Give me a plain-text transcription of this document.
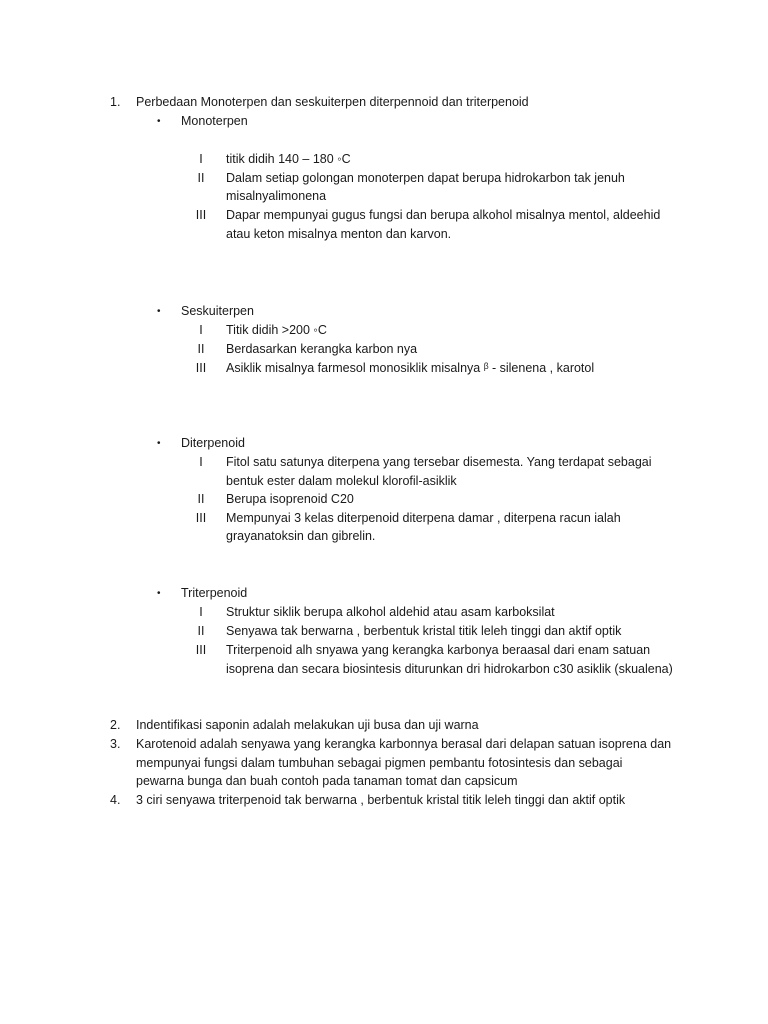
1. Perbedaan Monoterpen dan seskuiterpen diterpennoid dan triterpenoid
• Monoterpen
I	titik didih 140 – 180 ◦C
II	Dalam setiap golongan monoterpen dapat berupa hidrokarbon tak jenuh
misalnyalimonena
III	Dapar mempunyai gugus fungsi dan berupa alkohol misalnya mentol, aldeehid
atau keton misalnya menton dan karvon.
• Seskuiterpen
I	Titik didih >200 ◦C
II	Berdasarkan kerangka karbon nya
III	Asiklik misalnya farmesol monosiklik misalnya ᵝ - silenena , karotol
• Diterpenoid
I	Fitol satu satunya diterpena yang tersebar disemesta. Yang terdapat sebagai
bentuk ester dalam molekul klorofil-asiklik
II	Berupa isoprenoid C20
III	Mempunyai 3 kelas diterpenoid diterpena damar , diterpena racun ialah
grayanatoksin dan gibrelin.
• Triterpenoid
I	Struktur siklik berupa alkohol aldehid atau asam karboksilat
II	Senyawa tak berwarna , berbentuk kristal titik leleh tinggi dan aktif optik
III	Triterpenoid alh snyawa yang kerangka karbonya beraasal dari enam satuan
isoprena dan secara biosintesis diturunkan dri hidrokarbon c30 asiklik (skualena)
2. Indentifikasi saponin adalah melakukan uji busa dan uji warna
3. Karotenoid adalah senyawa yang kerangka karbonnya berasal dari delapan satuan isoprena dan
mempunyai fungsi dalam tumbuhan sebagai pigmen pembantu fotosintesis dan sebagai
pewarna bunga dan buah contoh pada tanaman tomat dan capsicum
4. 3 ciri senyawa triterpenoid tak berwarna , berbentuk kristal titik leleh tinggi dan aktif optik
